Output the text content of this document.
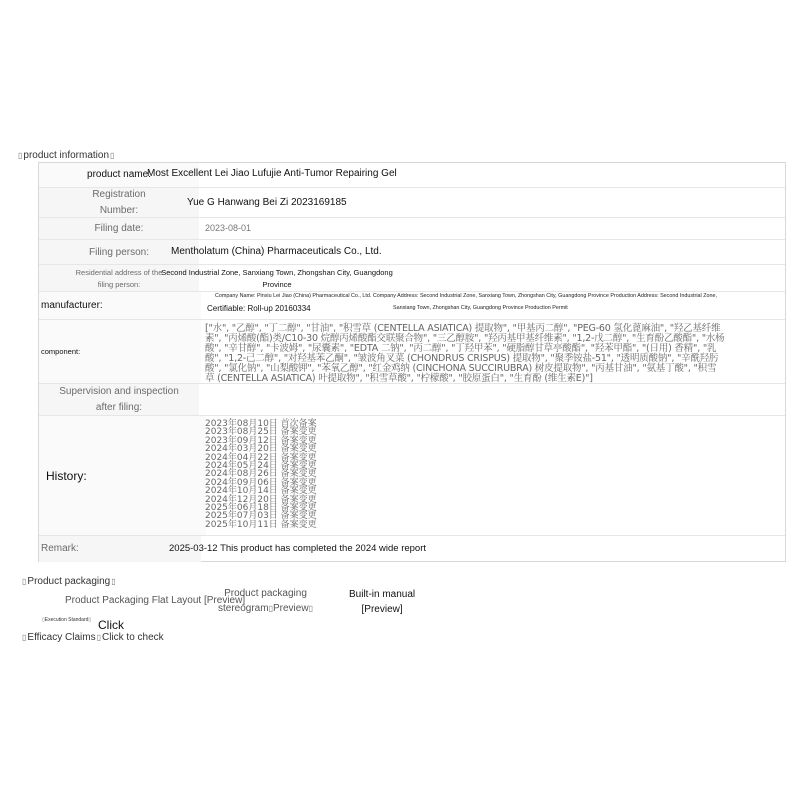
▯ product information ▯
product name:
Most Excellent Lei Jiao Lufujie Anti-Tumor Repairing Gel
Registration
Number:
Yue G Hanwang Bei Zi 2023169185
Filing date:	2023-08-01
Filing person: Mentholatum (China) Pharmaceuticals Co., Ltd.
Residential address of the
filing person:
Second Industrial Zone, Sanxiang Town, Zhongshan City, Guangdong
Province
manufacturer:
Company Name: Pinxiu Lei Jiao (China) Pharmaceutical Co., Ltd. Company Address: Second Industrial Zone, Sanxiang Town, Zhongshan City, Guangdong Province Production Address: Second Industrial Zone,
Certifiable: Roll-up 20160334	Sanxiang Town, Zhongshan City, Guangdong Province Production Permit
component:
["水", "乙醇", "丁二醇", "甘油", "积雪草 (CENTELLA ASIATICA) 提取物", "甲基丙二醇", "PEG-60 氢化蓖麻油", "羟乙基纤维素", "丙烯酸(酯)类/C10-30 烷醇丙烯酸酯交联聚合物", "三乙醇胺", "羟丙基甲基纤维素", "1,2-戊二醇", "生育酚乙酸酯", "水杨酸", "辛甘醇", "卡波姆", "尿囊素", "EDTA 二钠", "丙二醇", "丁羟甲苯", "硬脂醇甘草亭酸酯", "羟苯甲酯", "(日用) 香精", "乳酸", "1,2-己二醇", "对羟基苯乙酮", "皱波角叉菜 (CHONDRUS CRISPUS) 提取物", "聚季铵盐-51", "透明质酸钠", "辛酰羟肟酸", "氯化钠", "山梨酸钾", "苯氧乙醇", "红金鸡纳 (CINCHONA SUCCIRUBRA) 树皮提取物", "丙基甘油", "氨基丁酸", "积雪草 (CENTELLA ASIATICA) 叶提取物", "积雪草酸", "柠檬酸", "胶原蛋白", "生育酚 (维生素E)"]
Supervision and inspection
after filing:
History:
2023年08月10日 首次备案
2023年08月25日 备案变更
2023年09月12日 备案变更
2024年03月20日 备案变更
2024年04月22日 备案变更
2024年05月24日 备案变更
2024年08月26日 备案变更
2024年09月06日 备案变更
2024年10月14日 备案变更
2024年12月20日 备案变更
2025年06月18日 备案变更
2025年07月03日 备案变更
2025年10月11日 备案变更
Remark:	2025-03-12 This product has completed the 2024 wide report
▯ Product packaging ▯
Product Packaging Flat Layout [Preview]
Product packaging
stereogram▯Preview▯
Built-in manual
[Preview]
▯Execution Standard▯ Click
▯ Efficacy Claims ▯ Click to check
